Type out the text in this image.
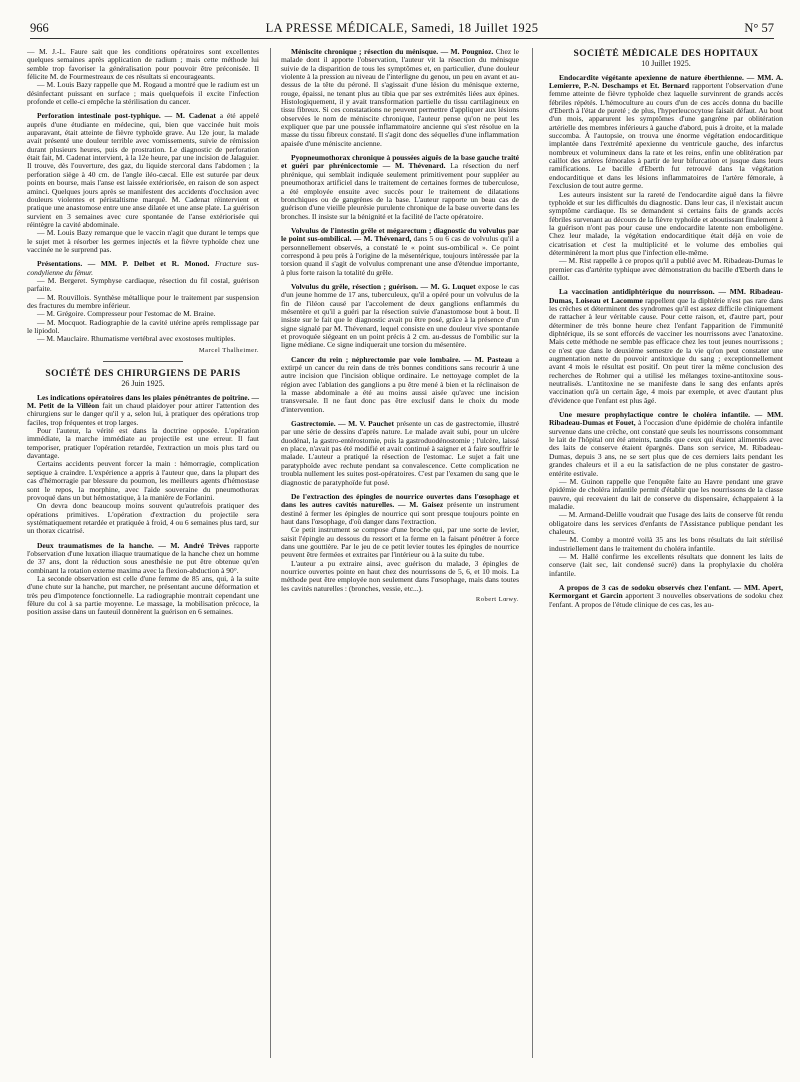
966	LA PRESSE MÉDICALE, Samedi, 18 Juillet 1925	N° 57

— M. J.-L. Faure sait que les conditions opératoires sont excellentes quelques semaines après application de radium ; mais cette méthode lui semble trop favoriser la généralisation pour pouvoir être préconisée. Il félicite M. de Fourmestreaux de ces résultats si encourageants.

— M. Louis Bazy rappelle que M. Rogaud a montré que le radium est un désinfectant puissant en surface ; mais quelquefois il excite l'infection profonde et celle-ci empêche la stérilisation du cancer.

Perforation intestinale post-typhique. — M. Cadenat a été appelé auprès d'une étudiante en médecine, qui, bien que vaccinée huit mois auparavant, était atteinte de fièvre typhoïde grave. Au 12e jour, la malade avait présenté une douleur terrible avec vomissements, suivie de rémission durant plusieurs heures, puis de prostration. Le diagnostic de perforation était fait, M. Cadenat intervient, à la 12e heure, par une incision de Jalaguier. Il trouve, dès l'ouverture, des gaz, du liquide stercoral dans l'abdomen ; la perforation siège à 40 cm. de l'angle iléo-cæcal. Elle est suturée par deux points en bourse, mais l'anse est laissée extériorisée, en raison de son aspect aminci. Quelques jours après se manifestent des accidents d'occlusion avec douleurs violentes et péristaltisme marqué. M. Cadenat réintervient et pratique une anastomose entre une anse dilatée et une anse plate. La guérison survient en 3 semaines avec cure spontanée de l'anse extériorisée qui réintègre la cavité abdominale.

— M. Louis Bazy remarque que le vaccin n'agit que durant le temps que le sujet met à résorber les germes injectés et la fièvre typhoïde chez une vaccinée ne le surprend pas.

Présentations. — MM. P. Delbet et R. Monod. Fracture sus-condylienne du fémur.

— M. Bergeret. Symphyse cardiaque, résection du fil costal, guérison parfaite.

— M. Rouvillois. Synthèse métallique pour le traitement par suspension des fractures du membre inférieur.

— M. Grégoire. Compresseur pour l'estomac de M. Braine.

— M. Mocquot. Radiographie de la cavité utérine après remplissage par le lipiodol.

— M. Mauclaire. Rhumatisme vertébral avec exostoses multiples.

Marcel Thalheimer.

SOCIÉTÉ DES CHIRURGIENS DE PARIS

26 Juin 1925.

Les indications opératoires dans les plaies pénétrantes de poitrine. — M. Petit de la Villéon fait un chaud plaidoyer pour attirer l'attention des chirurgiens sur le danger qu'il y a, selon lui, à pratiquer des opérations trop faciles, trop fréquentes et trop larges.

Pour l'auteur, la vérité est dans la doctrine opposée. L'opération immédiate, la marche immédiate au projectile est une erreur. Il faut temporiser, pratiquer l'opération retardée, l'extraction un mois plus tard ou davantage.

Certains accidents peuvent forcer la main : hémorragie, complication septique à craindre. L'expérience a appris à l'auteur que, dans la plupart des cas d'hémorragie par blessure du poumon, les meilleurs agents d'hémostase sont le repos, la morphine, avec l'aide souveraine du pneumothorax provoqué dans un but hémostatique, à la manière de Forlanini.

On devra donc beaucoup moins souvent qu'autrefois pratiquer des opérations primitives. L'opération d'extraction du projectile sera systématiquement retardée et pratiquée à froid, 4 ou 6 semaines plus tard, sur un thorax cicatrisé.

Deux traumatismes de la hanche. — M. André Trèves rapporte l'observation d'une luxation iliaque traumatique de la hanche chez un homme de 37 ans, dont la réduction sous anesthésie ne put être obtenue qu'en combinant la rotation externe maxima avec la flexion-abduction à 90°.

La seconde observation est celle d'une femme de 85 ans, qui, à la suite d'une chute sur la hanche, put marcher, ne présentant aucune déformation et très peu d'impotence fonctionnelle. La radiographie montrait cependant une fêlure du col à sa partie moyenne. Le massage, la mobilisation précoce, la position assise dans un fauteuil donnèrent la guérison en 6 semaines.

Méniscite chronique ; résection du ménisque. — M. Pougnioz. Chez le malade dont il apporte l'observation, l'auteur vit la résection du ménisque suivie de la disparition de tous les symptômes et, en particulier, d'une douleur violente à la pression au niveau de l'interligne du genou, un peu en avant et au-dessus de la tête du péroné. Il s'agissait d'une lésion du ménisque externe, rouge, épaissi, ne tenant plus au tibia que par ses extrémités liées aux épines. Histologiquement, il y avait transformation partielle du tissu cartilagineux en tissu fibreux. Si ces constatations ne peuvent permettre d'appliquer aux lésions observées le nom de méniscite chronique, l'auteur pense qu'on ne peut les expliquer que par une poussée inflammatoire ancienne qui s'est résolue en la masse du tissu fibreux constaté. Il s'agit donc des séquelles d'une inflammation apaisée d'une méniscite ancienne.

Pyopneumothorax chronique à poussées aiguës de la base gauche traité et guéri par phrénicectomie — M. Thévenard. La résection du nerf phrénique, qui semblait indiquée seulement primitivement pour suppléer au pneumothorax artificiel dans le traitement de certaines formes de tuberculose, a été employée ensuite avec succès pour le traitement de dilatations bronchiques ou de gangrènes de la base. L'auteur rapporte un beau cas de guérison d'une vieille pleurésie purulente chronique de la base ouverte dans les bronches. Il insiste sur la bénignité et la facilité de l'acte opératoire.

Volvulus de l'intestin grêle et mégarectum ; diagnostic du volvulus par le point sus-ombilical. — M. Thévenard, dans 5 ou 6 cas de volvulus qu'il a personnellement observés, a constaté le « point sus-ombilical ». Ce point correspond à peu près à l'origine de la mésentérique, toujours intéressée par la torsion quand il s'agit de volvulus comprenant une anse d'étendue importante, à plus forte raison la totalité du grêle.

Volvulus du grêle, résection ; guérison. — M. G. Luquet expose le cas d'un jeune homme de 17 ans, tuberculeux, qu'il a opéré pour un volvulus de la fin de l'iléon causé par l'accolement de deux ganglions enflammés du mésentère et qu'il a guéri par la résection suivie d'anastomose bout à bout. Il insiste sur le fait que le diagnostic avait pu être posé, grâce à la présence d'un signe signalé par M. Thévenard, lequel consiste en une douleur vive spontanée et provoquée siégeant en un point précis à 2 cm. au-dessus de l'ombilic sur la ligne médiane. Ce signe indiquerait une torsion du mésentère.

Cancer du rein ; néphrectomie par voie lombaire. — M. Pasteau a extirpé un cancer du rein dans de très bonnes conditions sans recourir à une autre incision que l'incision oblique ordinaire. Le nettoyage complet de la région avec l'ablation des ganglions a pu être mené à bien et la réclinaison de la masse abdominale a été au moins aussi aisée qu'avec une incision transversale. Il ne faut donc pas être exclusif dans le choix du mode d'intervention.

Gastrectomie. — M. V. Pauchet présente un cas de gastrectomie, illustré par une série de dessins d'après nature. Le malade avait subi, pour un ulcère duodénal, la gastro-entérostomie, puis la gastroduodénostomie ; l'ulcère, laissé en place, n'avait pas été modifié et avait continué à saigner et à faire souffrir le malade. L'auteur a pratiqué la résection de l'estomac. Le sujet a fait une paratyphoïde avec rechute pendant sa convalescence. Cette complication ne troubla nullement les suites post-opératoires. C'est par l'examen du sang que le diagnostic de paratyphoïde fut posé.

De l'extraction des épingles de nourrice ouvertes dans l'œsophage et dans les autres cavités naturelles. — M. Gaisez présente un instrument destiné à fermer les épingles de nourrice qui sont presque toujours pointe en haut dans l'œsophage, d'où danger dans l'extraction.

Ce petit instrument se compose d'une broche qui, par une sorte de levier, saisit l'épingle au dessous du ressort et la ferme en la faisant pénétrer à force dans une gouttière. Par le jeu de ce petit levier toutes les épingles de nourrice peuvent être fermées et extraites par l'intérieur ou à la suite du tube.

L'auteur a pu extraire ainsi, avec guérison du malade, 3 épingles de nourrice ouvertes pointe en haut chez des nourrissons de 5, 6, et 10 mois. La méthode peut être employée non seulement dans l'œsophage, mais dans toutes les cavités naturelles : (bronches, vessie, etc...).

Robert Lœwy.

SOCIÉTÉ MÉDICALE DES HOPITAUX

10 Juillet 1925.

Endocardite végétante apexienne de nature éberthienne. — MM. A. Lemierre, P.-N. Deschamps et Et. Bernard rapportent l'observation d'une femme atteinte de fièvre typhoïde chez laquelle survinrent de grands accès fébriles répétés. L'hémoculture au cours d'un de ces accès donna du bacille d'Eberth à l'état de pureté ; de plus, l'hyperleucocytose faisait défaut. Au bout d'un mois, apparurent les symptômes d'une gangrène par oblitération artérielle des membres inférieurs à gauche d'abord, puis à droite, et la malade succomba. À l'autopsie, on trouva une énorme végétation endocarditique implantée dans l'extrémité apexienne du ventricule gauche, des infarctus nombreux et volumineux dans la rate et les reins, enfin une oblitération par caillot des artères fémorales à partir de leur bifurcation et jusque dans leurs ramifications. Le bacille d'Eberth fut retrouvé dans la végétation endocarditique et dans les lésions inflammatoires de l'artère fémorale, à l'exclusion de tout autre germe.

Les auteurs insistent sur la rareté de l'endocardite aiguë dans la fièvre typhoïde et sur les difficultés du diagnostic. Dans leur cas, il n'existait aucun symptôme cardiaque. Ils se demandent si certains faits de grands accès fébriles survenant au décours de la fièvre typhoïde et aboutissant finalement à la guérison n'ont pas pour cause une endocardite latente non emboligène. Chez leur malade, la végétation endocarditique était déjà en voie de cicatrisation et c'est la multiplicité et le volume des embolies qui déterminèrent la mort plus que l'infection elle-même.

— M. Rist rappelle à ce propos qu'il a publié avec M. Ribadeau-Dumas le premier cas d'artérite typhique avec démonstration du bacille d'Eberth dans le caillot.

La vaccination antidiphtérique du nourrisson. — MM. Ribadeau-Dumas, Loiseau et Lacomme rappellent que la diphtérie n'est pas rare dans les crèches et déterminent des syndromes qu'il est assez difficile cliniquement de rattacher à leur véritable cause. Pour cette raison, et, d'autre part, pour déterminer de très bonne heure chez l'enfant l'apparition de l'immunité diphtérique, ils se sont efforcés de vacciner les nourrissons avec l'anatoxine. Mais cette méthode ne semble pas efficace chez les tout jeunes nourrissons ; ce n'est que dans le deuxième semestre de la vie qu'on peut constater une augmentation nette du pouvoir antitoxique du sang ; exceptionnellement avant 4 mois le résultat est positif. On peut tirer la même conclusion des recherches de Rohmer qui a utilisé les mélanges toxine-antitoxine sous-neutralisés. L'antitoxine ne se manifeste dans le sang des enfants après vaccination qu'à un certain âge, 4 mois par exemple, et avec d'autant plus d'évidence que l'enfant est plus âgé.

Une mesure prophylactique contre le choléra infantile. — MM. Ribadeau-Dumas et Fouet, à l'occasion d'une épidémie de choléra infantile survenue dans une crèche, ont constaté que seuls les nourrissons consommant le lait de l'hôpital ont été atteints, tandis que ceux qui étaient alimentés avec des laits de conserve étaient épargnés. Dans son service, M. Ribadeau-Dumas, depuis 3 ans, ne se sert plus que de ces derniers laits pendant les grandes chaleurs et il a eu la satisfaction de ne plus constater de gastro-entérite estivale.

— M. Guinon rappelle que l'enquête faite au Havre pendant une grave épidémie de choléra infantile permit d'établir que les nourrissons de la classe pauvre, qui recevaient du lait de conserve du dispensaire, échappaient à la maladie.

— M. Armand-Delille voudrait que l'usage des laits de conserve fût rendu obligatoire dans les services d'enfants de l'Assistance publique pendant les chaleurs.

— M. Comby a montré voilà 35 ans les bons résultats du lait stérilisé industriellement dans le traitement du choléra infantile.

— M. Hallé confirme les excellents résultats que donnent les laits de conserve (lait sec, lait condensé sucré) dans la prophylaxie du choléra infantile.

A propos de 3 cas de sodoku observés chez l'enfant. — MM. Apert, Kermorgant et Garcin apportent 3 nouvelles observations de sodoku chez l'enfant. A propos de l'étude clinique de ces cas, les au-
